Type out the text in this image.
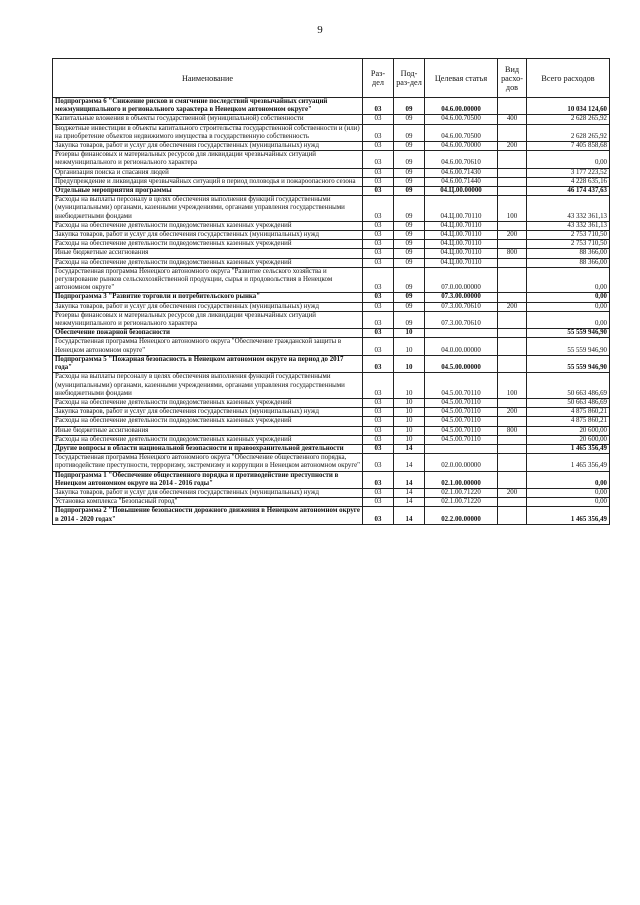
9
Наименование	Раз-дел	Под-раз-дел	Целевая статья	Вид расхо-дов	Всего расходов
Подпрограмма 6 "Снижение рисков и смягчение последствий чрезвычайных ситуаций межмуниципального и регионального характера в Ненецком автономном округе"	03	09	04.6.00.00000		10 034 124,60
Капитальные вложения в объекты государственной (муниципальной) собственности	03	09	04.6.00.70500	400	2 628 265,92
Бюджетные инвестиции в объекты капитального строительства государственной собственности и (или) на приобретение объектов недвижимого имущества в государственную собственность	03	09	04.6.00.70500		2 628 265,92
Закупка товаров, работ и услуг для обеспечения государственных (муниципальных) нужд	03	09	04.6.00.70000	200	7 405 858,68
Резервы финансовых и материальных ресурсов для ликвидации чрезвычайных ситуаций межмуниципального и регионального характера	03	09	04.6.00.70610		0,00
Организация поиска и спасания людей	03	09	04.6.00.71430		3 177 223,52
Предупреждение и ликвидация чрезвычайных ситуаций в период половодья и пожароопасного сезона	03	09	04.6.00.71440		4 228 635,16
Отдельные мероприятия программы	03	09	04.Ц.00.00000		46 174 437,63
Расходы на выплаты персоналу в целях обеспечения выполнения функций государственными (муниципальными) органами, казенными учреждениями, органами управления государственными внебюджетными фондами	03	09	04.Ц.00.70110	100	43 332 361,13
Расходы на обеспечение деятельности подведомственных казенных учреждений	03	09	04.Ц.00.70110		43 332 361,13
Закупка товаров, работ и услуг для обеспечения государственных (муниципальных) нужд	03	09	04.Ц.00.70110	200	2 753 710,50
Расходы на обеспечение деятельности подведомственных казенных учреждений	03	09	04.Ц.00.70110		2 753 710,50
Иные бюджетные ассигнования	03	09	04.Ц.00.70110	800	88 366,00
Расходы на обеспечение деятельности подведомственных казенных учреждений	03	09	04.Ц.00.70110		88 366,00
Государственная программа Ненецкого автономного округа "Развитие сельского хозяйства и регулирование рынков сельскохозяйственной продукции, сырья и продовольствия в Ненецком автономном округе"	03	09	07.0.00.00000		0,00
Подпрограмма 3 "Развитие торговли и потребительского рынка"	03	09	07.3.00.00000		0,00
Закупка товаров, работ и услуг для обеспечения государственных (муниципальных) нужд	03	09	07.3.00.70610	200	0,00
Резервы финансовых и материальных ресурсов для ликвидации чрезвычайных ситуаций межмуниципального и регионального характера	03	09	07.3.00.70610		0,00
Обеспечение пожарной безопасности	03	10			55 559 946,90
Государственная программа Ненецкого автономного округа "Обеспечение гражданской защиты в Ненецком автономном округе"	03	10	04.0.00.00000		55 559 946,90
Подпрограмма 5 "Пожарная безопасность в Ненецком автономном округе на период до 2017 года"	03	10	04.5.00.00000		55 559 946,90
Расходы на выплаты персоналу в целях обеспечения выполнения функций государственными (муниципальными) органами, казенными учреждениями, органами управления государственными внебюджетными фондами	03	10	04.5.00.70110	100	50 663 486,69
Расходы на обеспечение деятельности подведомственных казенных учреждений	03	10	04.5.00.70110		50 663 486,69
Закупка товаров, работ и услуг для обеспечения государственных (муниципальных) нужд	03	10	04.5.00.70110	200	4 875 860,21
Расходы на обеспечение деятельности подведомственных казенных учреждений	03	10	04.5.00.70110		4 875 860,21
Иные бюджетные ассигнования	03	10	04.5.00.70110	800	20 600,00
Расходы на обеспечение деятельности подведомственных казенных учреждений	03	10	04.5.00.70110		20 600,00
Другие вопросы в области национальной безопасности и правоохранительной деятельности	03	14			1 465 356,49
Государственная программа Ненецкого автономного округа "Обеспечение общественного порядка, противодействие преступности, терроризму, экстремизму и коррупции в Ненецком автономном округе"	03	14	02.0.00.00000		1 465 356,49
Подпрограмма 1 "Обеспечение общественного порядка и противодействие преступности в Ненецком автономном округе на 2014 - 2016 годы"	03	14	02.1.00.00000		0,00
Закупка товаров, работ и услуг для обеспечения государственных (муниципальных) нужд	03	14	02.1.00.71220	200	0,00
Установка комплекса "Безопасный город"	03	14	02.1.00.71220		0,00
Подпрограмма 2 "Повышение безопасности дорожного движения в Ненецком автономном округе в 2014 - 2020 годах"	03	14	02.2.00.00000		1 465 356,49
